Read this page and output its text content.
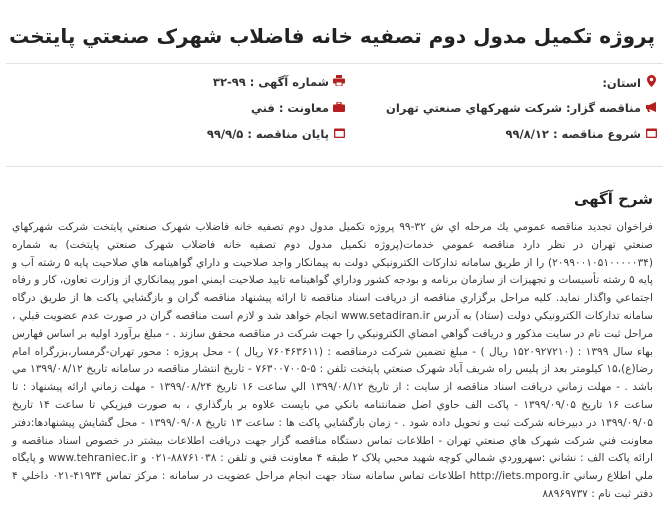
پروژه تكميل مدول دوم تصفيه خانه فاضلاب شهرک صنعتي پايتخت
استان:
شماره آگهی :
۳۲-۹۹
مناقصه گزار:
شركت شهركهاي صنعتي تهران
معاونت :
فني
شروع مناقصه :
۹۹/۸/۱۲
پایان مناقصه :
۹۹/۹/۵
شرح آگهی
فراخوان تجديد مناقصه عمومي يك مرحله اي ش ۳۲-۹۹ پروژه تكميل مدول دوم تصفيه خانه فاضلاب شهرک صنعتي پايتخت شرکت شهركهاي صنعتي تهران در نظر دارد مناقصه عمومي خدمات(پروژه تكميل مدول دوم تصفيه خانه فاضلاب شهرک صنعتي پايتخت) به شماره (۲۰۹۹۰۰۱۰۵۱۰۰۰۰۰۳۴) را از طريق سامانه تداركات الكترونيكي دولت به پیمانکار واجد صلاحیت و داراي گواهينامه هاي صلاحيت پايه ۵ رشته آب و پایه ۵ رشته تأسیسات و تجهیزات از سازمان برنامه و بودجه كشور وداراي گواهينامه تاييد صلاحيت ايمني امور پيمانكاري از وزارت تعاون، كار و رفاه اجتماعي واگذار نمايد. كليه مراحل برگزاري مناقصه از دريافت اسناد مناقصه تا ارائه پیشنهاد مناقصه گران و بازگشایي پاكت ها از طريق درگاه سامانه تداركات الكترونيكي دولت (ستاد) به آدرس www.setadiran.ir انجام خواهد شد و لازم است مناقصه گران در صورت عدم عضويت قبلي ، مراحل ثبت نام در سايت مذكور و دريافت گواهي امضاي الكترونيكي را جهت شركت در مناقصه محقق سازند . - مبلغ برآورد اوليه بر اساس فهارس بهاء سال ۱۳۹۹ : (۱۵۲۰۹۲۷۲۱۰ ريال ) - مبلغ تضمين شركت درمناقصه : (۷۶۰۴۶۳۶۱۱ ريال ) - محل پروژه : محور تهران-گرمسار،بزرگراه امام رضا(ع)،۱۵ كيلومتر بعد از پليس راه شريف آباد شهرک صنعتي پايتخت تلفن : ۵-۷۶۳۰۰۷۰۰۵ - تاريخ انتشار مناقصه در سامانه تاريخ ۱۳۹۹/۰۸/۱۲ مي باشد . - مهلت زماني دريافت اسناد مناقصه از سايت : از تاريخ ۱۳۹۹/۰۸/۱۲ الي ساعت ۱۶ تاريخ ۱۳۹۹/۰۸/۲۴ - مهلت زماني ارائه پيشنهاد : تا ساعت ۱۶ تاريخ ۱۳۹۹/۰۹/۰۵ - پاکت الف حاوي اصل ضمانتنامه بانكي مي بايست علاوه بر بارگذاري ، به صورت فيزيكي تا ساعت ۱۴ تاريخ ۱۳۹۹/۰۹/۰۵ در دبيرخانه شركت ثبت و تحويل داده شود . - زمان بازگشايي پاكت ها : ساعت ۱۳ تاريخ ۱۳۹۹/۰۹/۰۸ - محل گشايش پيشنهادها:دفتر معاونت فني شركت شهرک هاي صنعتي تهران - اطلاعات تماس دستگاه مناقصه گزار جهت دريافت اطلاعات بيشتر در خصوص اسناد مناقصه و ارائه پاكت الف : نشاني :سهروردي شمالي كوچه شهيد محبي پلاک ۲ طبقه ۴ معاونت فني و تلفن : ۸۸۷۶۱۰۳۸-۰۲۱ و www.tehraniec.ir و پايگاه ملي اطلاع رساني http://iets.mporg.ir اطلاعات تماس سامانه ستاد جهت انجام مراحل عضويت در سامانه : مرکز تماس ۴۱۹۳۴-۰۲۱ داخلي ۴ دفتر ثبت نام : ۸۸۹۶۹۷۳۷
